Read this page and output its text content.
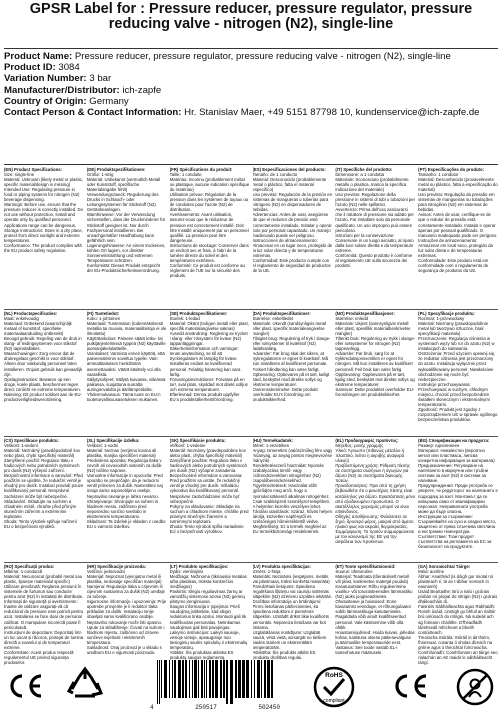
GPSR Label for : Pressure reducer, pressure regulator, pressure reducing valve - nitrogen (N2), single-line
Product Name: Pressure reducer, pressure regulator, pressure reducing valve - nitrogen (N2), single-line
Product ID: 3084
Variation Number: 3 bar
Manufacturer/Distributor: ich-zapfe
Country of Origin: Germany
Contact Person & Contact Information: Hr. Stanislav Maer, +49 5151 87798 10, kundenservice@ich-zapfe.de
(EN) Product Specifications:
Size: single-line
Material: Unknown (likely metal or plastic, specific material/design is missing)
Intended Use: Regulating pressure in food or piping systems for nitrogen (N2) beverage dispensing.
Warnings: Before use, ensure that the pressure reducer is correctly installed. Do not use without protection. Install and operate only by qualified personnel. Applications range can be dangerous.
Storage Instructions: Store in a dry place, protect from direct sunlight and extreme temperatures.
Conformance: The product complies with the EU product safety regulation.
(DE) Produktspezifikationen:
Größe: 1-strig
Material: Unbekannt (vermutlich Metall oder Kunststoff, spezifische Materialangabe fehlt)
Verwendungszweck: Regulierung des Drucks in Schlauch- oder Leitungssystemen für Stickstoff (N2) Getränkeanlagen.
Warnhinweise: Vor der Verwendung sicherstellen, dass der Druckminderer für Stickstoff geeignet ist. Nur durch Fachpersonal installieren. Bei unsachgemäßer Handhabung kann gefährlich sein.
Lagerungshinweise: An einem trockenen, kühlen Ort lagern, vor direkter Sonneneinstrahlung und extremen Temperaturen schützen.
Konformität: Dieses Produkt entspricht der EU-Produktsicherheitsverordnung.
(FR) Spécifications du produit:
Taille: 1 conduite
Matériau: Inconnu (probablement métal ou plastique, aucune indication spécifique du matériau)
Utilisation prévue: Régulation de la pression dans les systèmes de tuyaux ou de conduites pour l'azote (N2) de distribution.
Avertissements: Avant utilisation, assurez-vous que le réducteur de pression est correctement installé. Doit être installé uniquement par un personnel qualifié. La pression peut être dangereuse.
Instructions de stockage: Conserver dans un endroit sec et frais, à l'abri de la lumière directe du soleil et des températures extrêmes.
Conformité: Ce produit est conforme au règlement de l'UE sur la sécurité des produits.
(ES) Especificaciones del producto:
Tamaño: de 1 conducto
Material: Desconocido (probablemente metal o plástico, falta el material específico)
Uso previsto: Regulación de la presión en sistemas de mangueras o tuberías para nitrógeno (N2) en dispensadores de bebidas.
Advertencias: Antes de usar, asegúrese de que el reductor de presión esté correctamente instalado. Instalar y operar solo por personal capacitado. Un manejo inadecuado puede ser peligroso.
Instrucciones de almacenamiento: Almacenar en un lugar seco, protegido de la luz solar directa y de temperaturas extremas.
Conformidad: Este producto cumple con el reglamento de seguridad de productos de la UE.
(IT) Specifiche del prodotto:
Dimensione: a 1 condotta
Materiale: Sconosciuto (probabilmente metallo o plastica, manca la specifica indicazione del materiale)
Uso previsto: Regolazione della pressione in sistemi di tubi o tubazioni per l'azoto (N2) nelle spillatrici.
Avvertenze: Prima dell'uso assicurarsi che il riduttore di pressione sia adatto per l'azoto. Far installare solo da personale qualificato. Un uso improprio può essere pericoloso.
Istruzioni per la conservazione: Conservare in un luogo asciutto, al riparo dalla luce solare diretta e da temperature estreme.
Conformità: Questo prodotto è conforme al regolamento UE sulla sicurezza dei prodotti.
(PT) Especificações do produto:
Tamanho: 1 condutor
Material: Desconhecido (provavelmente metal ou plástico, falta a especificação do material)
Uso previsto: Regulação da pressão em sistemas de mangueiras ou tubulações para nitrogênio (N2) em sistemas de bebidas.
Avisos: Antes de usar, certifique-se de que o redutor de pressão está corretamente instalado. Instalar e operar apenas por pessoal qualificado. O manuseio inadequado pode ser perigoso.
Instruções de armazenamento: Armazenar em local seco, protegido da luz solar direta e de temperaturas extremas.
Conformidade: Este produto está em conformidade com o regulamento de segurança de produtos da UE.
(NL) Productspecificaties:
Maat: enkelvoudig
Materiaal: Onbekend (waarschijnlijk metaal of kunststof, specifieke materiaalaanduiding ontbreekt)
Beoogd gebruik: Regeling van de druk in slang- of leidingsystemen voor stikstof (N2) tapinstallaties.
Waarschuwingen: Zorg ervoor dat de drukregelaar geschikt is voor stikstof. Alleen door vakkundig personeel laten installeren. Onjuist gebruik kan gevaarlijk zijn.
Opslaginstructies: Bewaren op een droge, koele plaats, beschermen tegen direct zonlicht en extreme temperaturen.
Naleving: Dit product voldoet aan de EU-productveiligheidsverordening.
(FI) Tuotetiedot:
Koko: 1-johtoinen
Materiaali: Tuntematon (todennäköisesti metallia tai muovia, materiaalitietoja ei ole ilmoitettu)
Käyttötarkoitus: Paineen säätö letku- tai putkijärjestelmissä typpeä (N2) käyttäville juomanjakelulaitteille.
Varoitukset: Varmista ennen käyttöä, että paineenalennin soveltuu typelle. Vain ammattitaitoisen henkilöstön asennettavaksi. Väärä käsittely voi olla vaarallista.
Säilytysohjeet: Säilytä kuivassa, viileässä paikassa, suojattuna suoralta auringonvalolta ja äärilämpötiloilta.
Yhdenmukaisuus: Tämä tuote on EU:n tuoteturvallisuusasetuksen mukainen.
(SE) Produktspecifikationer:
Storlek: 1-ledad
Material: Okänt (troligen metall eller plast, specifik materialangivelse saknas)
Avsedd användning: Reglering av trycket i slang- eller rörsystem för kväve (N2) tappanläggningar.
Säkerhetsinformation och varningar: Innan användning, se till att tryckregulatorn är lämplig för kväve. Installeras endast av kvalificerad personal. Felaktig hantering kan vara farlig.
Förvaringsinstruktioner: Förvaras på en torr, sval plats, skyddad mot direkt solljus och extrema temperaturer.
Efterlevnad: Denna produkt uppfyller EU:s produktsäkerhetsförordning.
(DA) Produktspecifikationer:
Størrelse: enkeltledet
Materiale: Ukendt (sandsynligvis metal eller plast, specifik materialeangivelse mangler)
Tilsigtet brug: Regulering af tryk i slange- eller rørsystemer til kvælstof (N2) fadølsanlæg.
Advarsler: Før brug skal det sikres, at trykregulatoren er egnet til kvælstof. Må kun installeres af kvalificeret personale. Forkert håndtering kan være farligt.
Opbevaring: Opbevares på et tørt, køligt sted, beskyttet mod direkte sollys og ekstreme temperaturer.
Overensstemmelse: Dette produkt overholder EU's forordning om produktsikkerhed.
(NO) Produktspesifikasjoner:
Størrelse: enledd
Materiale: Ukjent (sannsynligvis metall eller plast, spesifikk materialbeskrivelse mangler)
Tiltenkt bruk: Regulering av trykk i slange- eller rørsystemer for nitrogen (N2) tappeanlegg.
Advarsler: Før bruk, sørg for at trykkreduksjonsventilen er egnet for nitrogen. Må kun installeres av kvalifisert personell. Feil bruk kan være farlig.
Oppbevaring: Oppbevares på et tørt, kjølig sted, beskyttet mot direkte sollys og ekstreme temperaturer.
Samsvar: Dette produktet overholder EU-forordningen om produktsikkerhet.
(PL) Specyfikacje produktu:
Rozmiar: 1-przewodowy
Materiał: Nieznany (prawdopodobnie metal lub tworzywo sztuczne, brak specyfikacji materiału)
Przeznaczenie: Regulacja ciśnienia w systemach węży lub rur do azotu (N2) w instalacjach do nalewania.
Ostrzeżenia: Przed użyciem upewnij się, że reduktor ciśnienia jest przeznaczony do azotu. Instalacja wyłącznie przez wykwalifikowany personel. Niewłaściwe obchodzenie się może być niebezpieczne.
Instrukcje przechowywania: Przechowywać w suchym, chłodnym miejscu, chronić przed bezpośrednim światłem słonecznym i ekstremalnymi temperaturami.
Zgodność: Produkt jest zgodny z rozporządzeniem UE w sprawie ogólnego bezpieczeństwa produktów.
(CS) Specifikace produktu:
Velikost: 1-vedení
Materiál: Neznámý (pravděpodobně kov nebo plast, chybí specifický materiál)
Zamýšlené použití: Regulace tlaku v hadicových nebo potrubních systémech pro dusík (N2) výčepní zařízení.
Bezpečnostní informace a varování: Před použitím se ujistěte, že redukční ventil je vhodný pro dusík. Instalaci provádí pouze kvalifikovaný personál. Nesprávné zacházení může být nebezpečné.
Skladování: Skladujte na suchém a chladném místě, chraňte před přímým slunečním zářením a extrémními teplotami.
Shoda: Tento výrobek splňuje nařízení EU o bezpečnosti výrobků.
(SL) Specifikacije izdelka:
Velikost: 1-vodni
Material: Neznan (verjetno kovina ali plastika, manjka specifičen material)
Predvidena uporaba: Regulacija tlaka v cevnih ali cevovodnih sistemih za dušik (N2) točilne naprave.
Varnostne informacije in opozorila: Pred uporabo se prepričajte, da je reducirni ventil primeren za dušik. Namestitev naj izvaja samo usposobljeno osebje. Nepravilno ravnanje je lahko nevarno.
Shranjevanje: Shranjujte na suhem in hladnem mestu, zaščiteno pred neposredno sončno svetlobo in ekstremnimi temperaturami.
Skladnost: Ta izdelek je skladen z uredbo EU o varnosti izdelkov.
(SK) Špecifikácie produktu:
Veľkosť: 1-vedenie
Materiál: Neznámy (pravdepodobne kov alebo plast, chýba špecifický materiál)
Zamýšľané použitie: Regulácia tlaku v hadicových alebo potrubných systémoch pre dusík (N2) výčapné zariadenia.
Bezpečnostné informácie a varovania: Pred použitím sa uistite, že redukčný ventil je vhodný pre dusík. Inštaláciu vykonáva iba kvalifikovaný personál. Nesprávne zaobchádzanie môže byť nebezpečné.
Pokyny na skladovanie: Skladujte na suchom a chladnom mieste, chráňte pred priamym slnečným žiarením a extrémnymi teplotami.
Zhoda: Tento výrobok spĺňa nariadenie EÚ o bezpečnosti výrobkov.
(HU) Termékadatok:
Méret: 1-vezetékes
Anyag: Ismeretlen (valószínűleg fém vagy műanyag, az anyag pontos megnevezése hiányzik)
Rendeltetésszerű használat: Nyomás szabályozása tömlő- vagy csőrendszerekben nitrogénhez (N2) csapolóberendezésekhez.
Figyelmeztetések: Használat előtt győződjön meg arról, hogy a nyomáscsökkentő alkalmas nitrogénhez. Csak szakképzett személyzet telepítheti. A helytelen kezelés veszélyes lehet.
Tárolási utasítások: Száraz, hűvös helyen tárolja, közvetlen napfénytől és szélsőséges hőmérséklettől védve.
Megfelelőség: Ez a termék megfelel az EU termékbiztonsági rendeletének.
(EL) Προδιαγραφές προϊόντος:
Μέγεθος: μονής γραμμής
Υλικό: Άγνωστο (πιθανώς μέταλλο ή πλαστικό, λείπει η ακριβής αναφορά υλικού)
Προβλεπόμενη χρήση: Ρύθμιση πίεσης σε συστήματα σωλήνων ή αγωγών για άζωτο (N2) σε συστήματα διανομής ποτών.
Προειδοποιήσεις: Πριν από τη χρήση βεβαιωθείτε ότι ο μειωτήρας πίεσης είναι κατάλληλος για άζωτο. Εγκατάσταση μόνο από εξειδικευμένο προσωπικό. Ο ακατάλληλος χειρισμός μπορεί να είναι επικίνδυνος.
Οδηγίες αποθήκευσης: Φυλάσσετε σε ξηρό, δροσερό μέρος, μακριά από άμεσο ηλιακό φως και ακραίες θερμοκρασίες.
Συμμόρφωση: Το προϊόν συμμορφώνεται με τον κανονισμό της ΕΕ για την ασφάλεια των προϊόντων.
(BG) Спецификации на продукта:
Размер: еднолинеен
Материал: Неизвестен (вероятно метал или пластмаса, липсва конкретна информация за материала)
Предназначение: Регулиране на налягането в маркучни или тръбни системи за азот (N2) в системи за наливане.
Предупреждения: Преди употреба се уверете, че редукторът на налягането е подходящ за азот. Монтажът да се извършва само от квалифициран персонал. Неправилната употреба може да бъде опасна.
Инструкции за съхранение: Съхранявайте на сухо и хладно място, защитено от пряка слънчева светлина и екстремни температури.
Съответствие: Този продукт съответства на регламента на ЕС за безопасност на продуктите.
(RO) Specificații produs:
Mărime: 1-conductă
Material: Necunoscut (probabil metal sau plastic, lipsește materialul specific)
Utilizare prevăzută: Reglarea presiunii în sistemele de furtunuri sau conducte pentru azot (N2) în instalații de distribuție.
Informații de siguranță și avertismente: Înainte de utilizare asigurați-vă că reductorul de presiune este potrivit pentru azot. Instalarea se face doar de personal calificat. O manipulare incorectă poate fi periculoasă.
Instrucțiuni de depozitare: Depozitați într-un loc uscat și răcoros, protejat de lumina directă a soarelui și de temperaturi extreme.
Conformitate: Acest produs respectă regulamentul UE privind siguranța produselor.
(HR) Specifikacije proizvoda:
Veličina: jednovodni
Materijal: Nepoznat (vjerojatno metal ili plastika, nedostaje specifičan materijal)
Namjena: Regulacija tlaka u crijevnim ili cijevnim sustavima za dušik (N2) uređaje za točenje.
Sigurnosne informacije i upozorenja: Prije upotrebe provjerite je li reduktor tlaka prikladan za dušik. Instalaciju smije obavljati samo kvalificirano osoblje. Nepravilno rukovanje može biti opasno.
Upute za skladištenje: Čuvati na suhom i hladnom mjestu, zaštićeno od izravne sunčeve svjetlosti i ekstremnih temperatura.
Sukladnost: Ovaj proizvod je u skladu s uredbom EU o sigurnosti proizvoda.
(LT) Produkto specifikacijos:
Dydis: vienlinijinis
Medžiaga: Nežinoma (tikriausiai metalas arba plastikas, trūksta konkrečios medžiagos)
Paskirtis: Slėgio reguliavimas žarnų ar vamzdžių sistemose azotui (N2) gėrimų pilstymo įrenginiuose.
Saugos informacija ir įspėjimai: Prieš naudojimą įsitikinkite, kad slėgio reduktorius tinka azotui. Montuoti gali tik kvalifikuotas personalas. Netinkamas naudojimas gali būti pavojingas.
Laikymo instrukcijos: Laikyti sausoje, vėsioje vietoje, apsaugotoje nuo tiesioginių saulės spindulių ir ekstremalių temperatūrų.
Atitiktis: Šis produktas atitinka ES produktų saugos reglamentą.
(LV) Produkta specifikācijas:
Izmērs: 1-līnija
Materiāls: Nezināms (iespējams, metāls vai plastmasa, trūkst konkrēta materiāla)
Paredzētais lietojums: Spiediena regulēšana šļūteņu vai cauruļu sistēmās slāpeklim (N2) dzērienu uzpildes iekārtās.
Drošības informācija un brīdinājumi: Pirms lietošanas pārliecinieties, ka spiediena reduktors ir piemērots slāpeklim. Uzstādīt drīkst tikai kvalificēts personāls. Nepareiza lietošana var būt bīstama.
Uzglabāšanas norādījumi: Uzglabāt sausā, vēsā vietā, aizsargāt no tiešiem saules stariem un ekstremālām temperatūrām.
Atbilstība: Šis produkts atbilst ES produktu drošības regulai.
(ET) Toote spetsifikatsioonid:
Suurus: ühetoruline
Materjal: Teadmata (tõenäoliselt metall või plast, konkreetne materjal puudub)
Kasutusotstarve: Rõhu reguleerimine vooliku- või torusüsteemides lämmastiku (N2) jaoks joogiseadmetes.
Ohutusteave ja hoiatused: Enne kasutamist veenduge, et rõhuregulaator sobib lämmastikuga kasutamiseks. Paigaldada võib ainult kvalifitseeritud personal. Vale käsitsemine võib olla ohtlik.
Hoiustamisjuhised: Hoida kuivas, jahedas kohas, kaitstuna otsese päikesevalguse ja äärmuslike temperatuuride eest.
Vastavus: See toode vastab EL-i tooteohutuse määrusele.
(GA) Sonraíochtaí Táirge:
Méid: aonlíne
Ábhar: Anaithnid (is dóigh gur miotal nó plaisteach é, tá an t-ábhar sonrach in easnamh)
Úsáid Beartaithe: Brú a rialú i gcórais píobán nó píopaí do nítrigin (N2) i gcórais dháileacháin dí.
Faisnéis Sábháilteachta agus Rabhaidh: Roimh úsáid, cinntigh go bhfuil an rialtóir brú oiriúnach do nítrigin. Ná suiteáil ach ag foireann cháilithe. D'fhéadfadh láimhseáil mhícheart a bheith contúirteach.
Treoracha Stórála: Stóráil in áit thirim, fhionnuar, cosanta ó sholas díreach na gréine agus ó theochtaí foircneacha.
Comhlíonadh: Comhlíonann an táirge seo rialachán an AE maidir le sábháilteacht táirgí.
RoHS
compliant
4	250517	502450
